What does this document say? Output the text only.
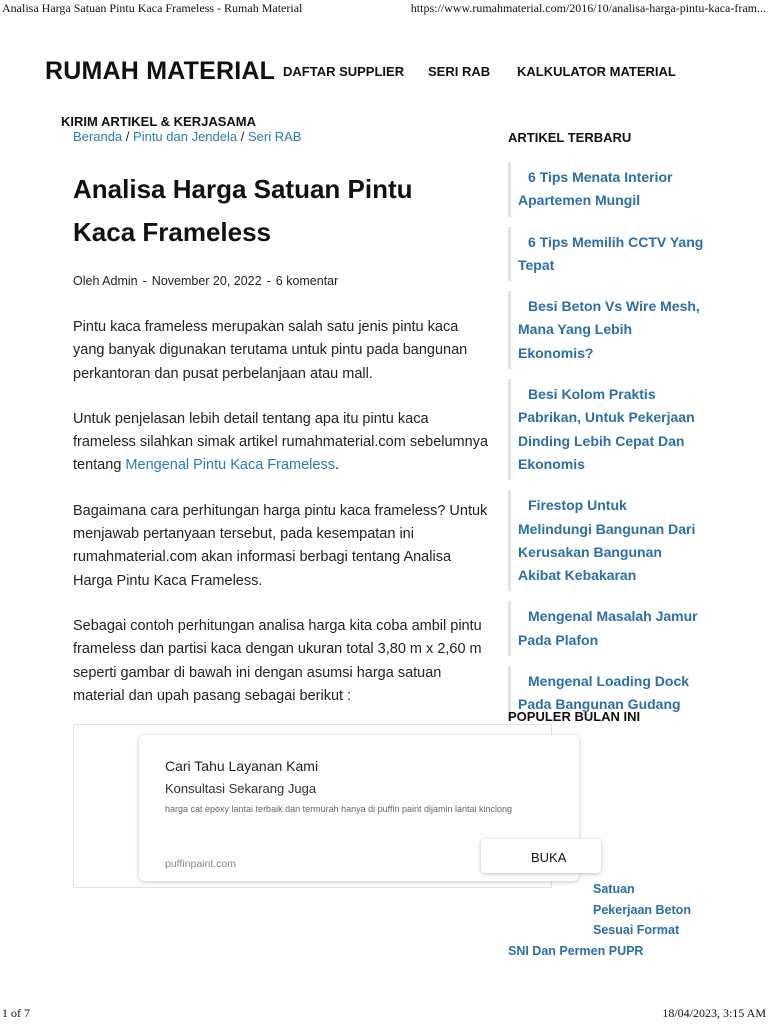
Analisa Harga Satuan Pintu Kaca Frameless - Rumah Material	https://www.rumahmaterial.com/2016/10/analisa-harga-pintu-kaca-fram...
RUMAH MATERIAL DAFTAR SUPPLIER SERI RAB KALKULATOR MATERIAL
KIRIM ARTIKEL & KERJASAMA
Beranda / Pintu dan Jendela / Seri RAB
Analisa Harga Satuan Pintu Kaca Frameless
Oleh Admin - November 20, 2022 - 6 komentar

Pintu kaca frameless merupakan salah satu jenis pintu kaca yang banyak digunakan terutama untuk pintu pada bangunan perkantoran dan pusat perbelanjaan atau mall.

Untuk penjelasan lebih detail tentang apa itu pintu kaca frameless silahkan simak artikel rumahmaterial.com sebelumnya tentang Mengenal Pintu Kaca Frameless.

Bagaimana cara perhitungan harga pintu kaca frameless? Untuk menjawab pertanyaan tersebut, pada kesempatan ini rumahmaterial.com akan informasi berbagi tentang Analisa Harga Pintu Kaca Frameless.

Sebagai contoh perhitungan analisa harga kita coba ambil pintu frameless dan partisi kaca dengan ukuran total 3,80 m x 2,60 m seperti gambar di bawah ini dengan asumsi harga satuan material dan upah pasang sebagai berikut :

Cari Tahu Layanan Kami
Konsultasi Sekarang Juga
harga cat epoxy lantai terbaik dan termurah hanya di puffin paint dijamin lantai kinclong
puffinpaint.com	BUKA
ARTIKEL TERBARU
6 Tips Menata Interior Apartemen Mungil
6 Tips Memilih CCTV Yang Tepat
Besi Beton Vs Wire Mesh, Mana Yang Lebih Ekonomis?
Besi Kolom Praktis Pabrikan, Untuk Pekerjaan Dinding Lebih Cepat Dan Ekonomis
Firestop Untuk Melindungi Bangunan Dari Kerusakan Bangunan Akibat Kebakaran
Mengenal Masalah Jamur Pada Plafon
Mengenal Loading Dock Pada Bangunan Gudang
POPULER BULAN INI
Satuan
Pekerjaan Beton
Sesuai Format
SNI Dan Permen PUPR
1 of 7	18/04/2023, 3:15 AM
